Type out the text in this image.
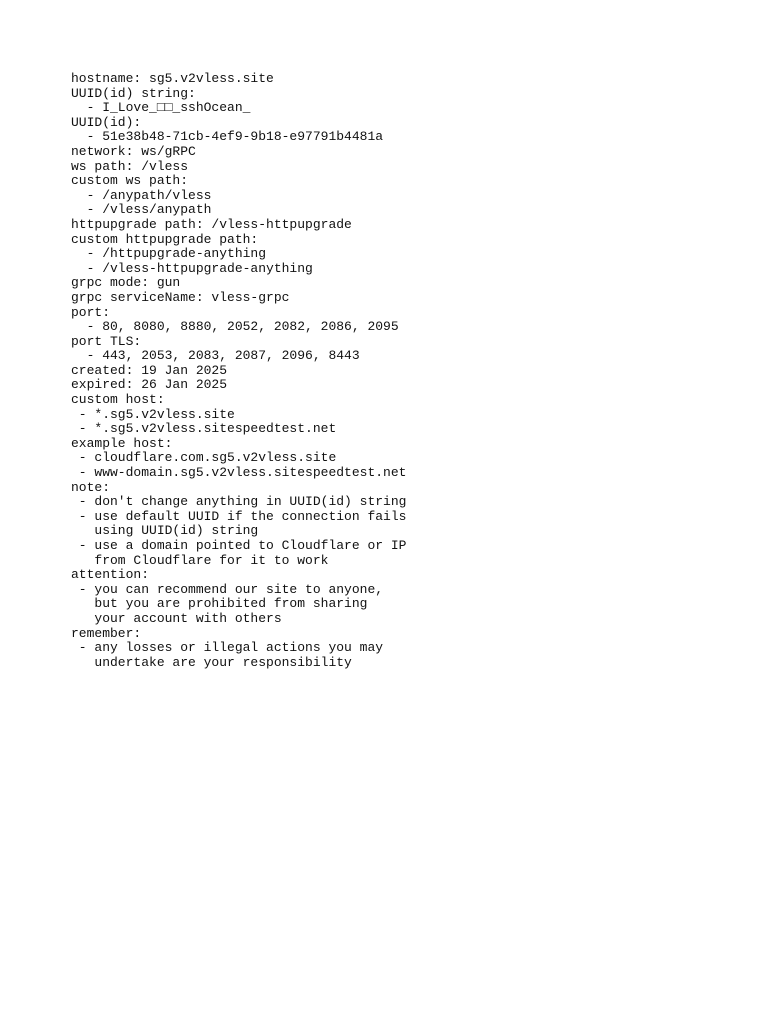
hostname: sg5.v2vless.site
UUID(id) string:
- I_Love_□□_sshOcean_
UUID(id):
- 51e38b48-71cb-4ef9-9b18-e97791b4481a
network: ws/gRPC
ws path: /vless
custom ws path:
- /anypath/vless
- /vless/anypath
httpupgrade path: /vless-httpupgrade
custom httpupgrade path:
- /httpupgrade-anything
- /vless-httpupgrade-anything
grpc mode: gun
grpc serviceName: vless-grpc
port:
- 80, 8080, 8880, 2052, 2082, 2086, 2095
port TLS:
- 443, 2053, 2083, 2087, 2096, 8443
created: 19 Jan 2025
expired: 26 Jan 2025
custom host:
- *.sg5.v2vless.site
- *.sg5.v2vless.sitespeedtest.net
example host:
- cloudflare.com.sg5.v2vless.site
- www-domain.sg5.v2vless.sitespeedtest.net
note:
- don't change anything in UUID(id) string
- use default UUID if the connection fails
using UUID(id) string
- use a domain pointed to Cloudflare or IP
from Cloudflare for it to work
attention:
- you can recommend our site to anyone,
but you are prohibited from sharing
your account with others
remember:
- any losses or illegal actions you may
undertake are your responsibility
